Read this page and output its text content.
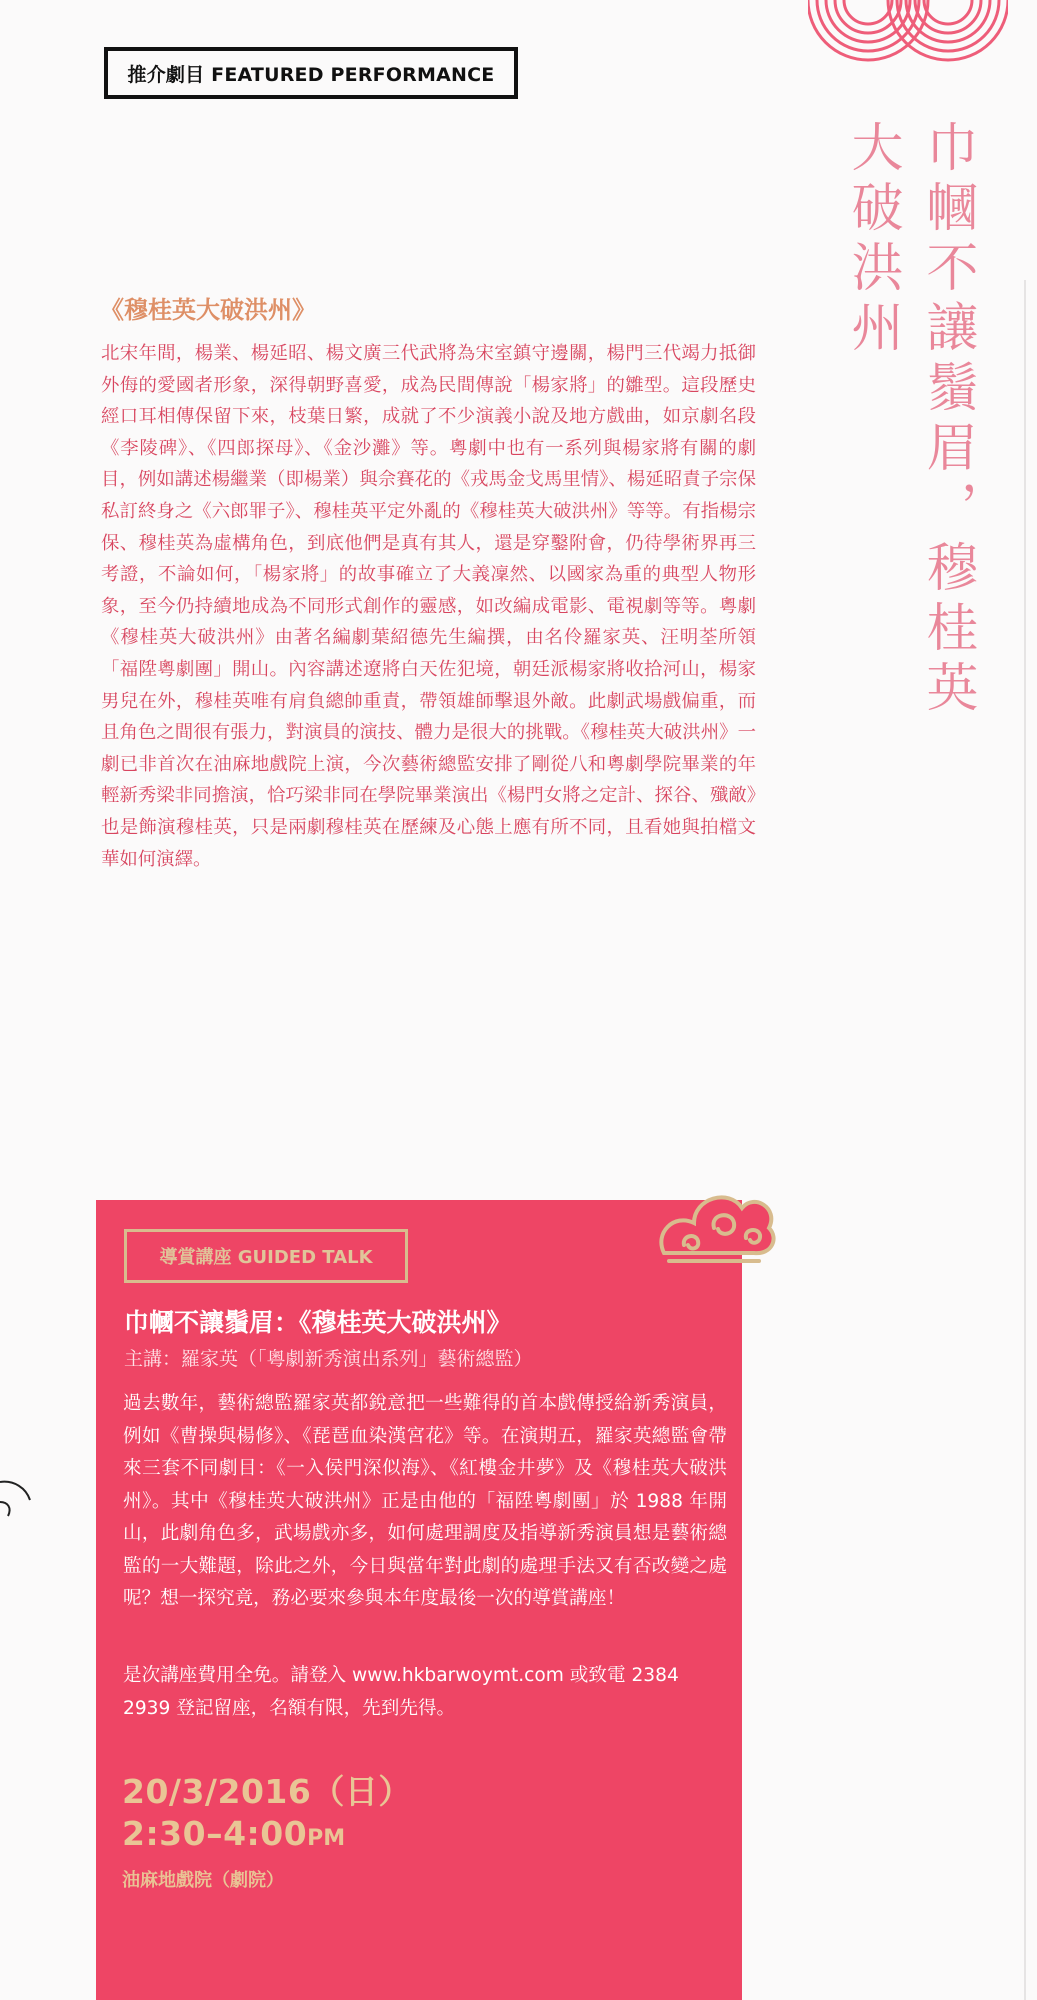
推介劇目 FEATURED PERFORMANCE
巾幗不讓鬚眉，穆桂英
大破洪州
《穆桂英大破洪州》

北宋年間，楊業、楊延昭、楊文廣三代武將為宋室鎮守邊關，楊門三代竭力抵御外侮的愛國者形象，深得朝野喜愛，成為民間傳說「楊家將」的雛型。這段歷史經口耳相傳保留下來，枝葉日繁，成就了不少演義小說及地方戲曲，如京劇名段《李陵碑》、《四郎探母》、《金沙灘》等。粵劇中也有一系列與楊家將有關的劇目，例如講述楊繼業（即楊業）與佘賽花的《戎馬金戈馬里情》、楊延昭責子宗保私訂終身之《六郎罪子》、穆桂英平定外亂的《穆桂英大破洪州》等等。有指楊宗保、穆桂英為虛構角色，到底他們是真有其人，還是穿鑿附會，仍待學術界再三考證，不論如何，「楊家將」的故事確立了大義凜然、以國家為重的典型人物形象，至今仍持續地成為不同形式創作的靈感，如改編成電影、電視劇等等。粵劇《穆桂英大破洪州》由著名編劇葉紹德先生編撰，由名伶羅家英、汪明荃所領「福陞粵劇團」開山。內容講述遼將白天佐犯境，朝廷派楊家將收拾河山，楊家男兒在外，穆桂英唯有肩負總帥重責，帶領雄師擊退外敵。此劇武場戲偏重，而且角色之間很有張力，對演員的演技、體力是很大的挑戰。《穆桂英大破洪州》一劇已非首次在油麻地戲院上演，今次藝術總監安排了剛從八和粵劇學院畢業的年輕新秀梁非同擔演，恰巧梁非同在學院畢業演出《楊門女將之定計、探谷、殲敵》也是飾演穆桂英，只是兩劇穆桂英在歷練及心態上應有所不同，且看她與拍檔文華如何演繹。

導賞講座 GUIDED TALK
巾幗不讓鬚眉：《穆桂英大破洪州》
主講：羅家英（「粵劇新秀演出系列」藝術總監）

過去數年，藝術總監羅家英都銳意把一些難得的首本戲傳授給新秀演員，例如《曹操與楊修》、《琵琶血染漢宮花》等。在演期五，羅家英總監會帶來三套不同劇目：《一入侯門深似海》、《紅樓金井夢》及《穆桂英大破洪州》。其中《穆桂英大破洪州》正是由他的「福陞粵劇團」於 1988 年開山，此劇角色多，武場戲亦多，如何處理調度及指導新秀演員想是藝術總監的一大難題，除此之外，今日與當年對此劇的處理手法又有否改變之處呢？想一探究竟，務必要來參與本年度最後一次的導賞講座！

是次講座費用全免。請登入 www.hkbarwoymt.com 或致電 2384 2939 登記留座，名額有限，先到先得。

20/3/2016（日）
2:30–4:00PM
油麻地戲院（劇院）
